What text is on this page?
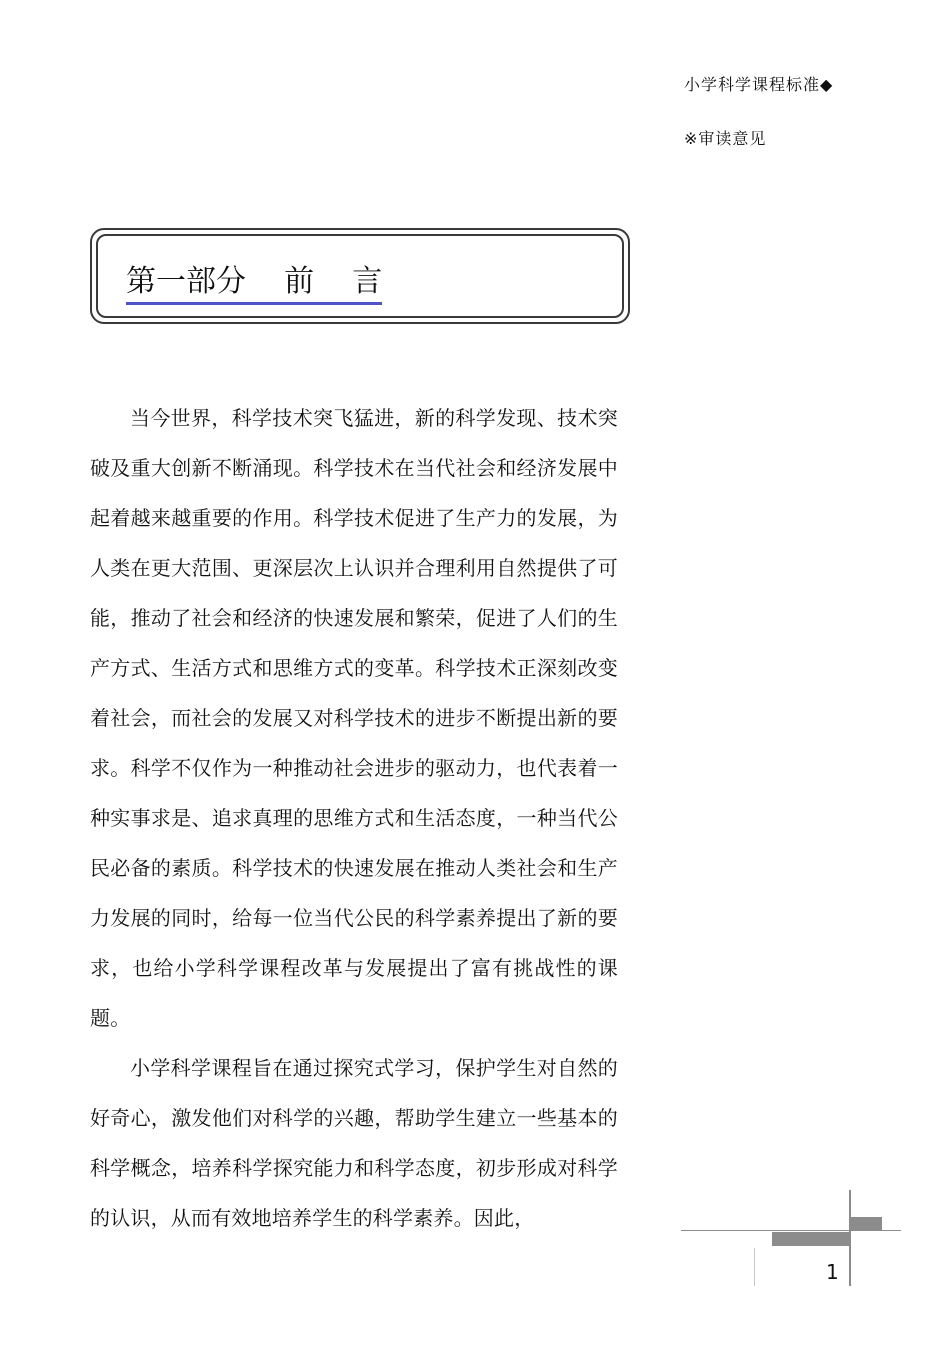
小学科学课程标准◆
※审读意见
第一部分    前    言

当今世界，科学技术突飞猛进，新的科学发现、技术突破及重大创新不断涌现。科学技术在当代社会和经济发展中起着越来越重要的作用。科学技术促进了生产力的发展，为人类在更大范围、更深层次上认识并合理利用自然提供了可能，推动了社会和经济的快速发展和繁荣，促进了人们的生产方式、生活方式和思维方式的变革。科学技术正深刻改变着社会，而社会的发展又对科学技术的进步不断提出新的要求。科学不仅作为一种推动社会进步的驱动力，也代表着一种实事求是、追求真理的思维方式和生活态度，一种当代公民必备的素质。科学技术的快速发展在推动人类社会和生产力发展的同时，给每一位当代公民的科学素养提出了新的要求，也给小学科学课程改革与发展提出了富有挑战性的课题。

小学科学课程旨在通过探究式学习，保护学生对自然的好奇心，激发他们对科学的兴趣，帮助学生建立一些基本的科学概念，培养科学探究能力和科学态度，初步形成对科学的认识，从而有效地培养学生的科学素养。因此，

1
